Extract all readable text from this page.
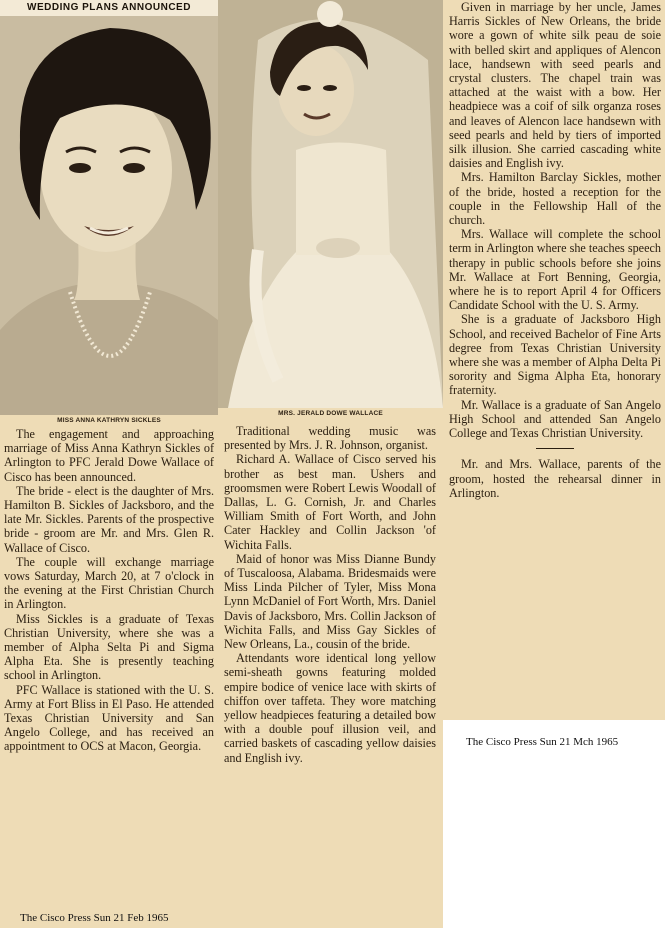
WEDDING PLANS ANNOUNCED
MISS ANNA KATHRYN SICKLES

The engagement and approaching marriage of Miss Anna Kathryn Sickles of Arlington to PFC Jerald Dowe Wallace of Cisco has been announced.

The bride - elect is the daughter of Mrs. Hamilton B. Sickles of Jacksboro, and the late Mr. Sickles. Parents of the prospective bride - groom are Mr. and Mrs. Glen R. Wallace of Cisco.

The couple will exchange marriage vows Saturday, March 20, at 7 o'clock in the evening at the First Christian Church in Arlington.

Miss Sickles is a graduate of Texas Christian University, where she was a member of Alpha Selta Pi and Sigma Alpha Eta. She is presently teaching school in Arlington.

PFC Wallace is stationed with the U. S. Army at Fort Bliss in El Paso. He attended Texas Christian University and San Angelo College, and has received an appointment to OCS at Macon, Georgia.

MRS. JERALD DOWE WALLACE

Traditional wedding music was presented by Mrs. J. R. Johnson, organist.

Richard A. Wallace of Cisco served his brother as best man. Ushers and groomsmen were Robert Lewis Woodall of Dallas, L. G. Cornish, Jr. and Charles William Smith of Fort Worth, and John Cater Hackley and Collin Jackson 'of Wichita Falls.

Maid of honor was Miss Dianne Bundy of Tuscaloosa, Alabama. Bridesmaids were Miss Linda Pilcher of Tyler, Miss Mona Lynn McDaniel of Fort Worth, Mrs. Daniel Davis of Jacksboro, Mrs. Collin Jackson of Wichita Falls, and Miss Gay Sickles of New Orleans, La., cousin of the bride.

Attendants wore identical long yellow semi-sheath gowns featuring molded empire bodice of venice lace with skirts of chiffon over taffeta. They wore matching yellow headpieces featuring a detailed bow with a double pouf illusion veil, and carried baskets of cascading yellow daisies and English ivy.

Given in marriage by her uncle, James Harris Sickles of New Orleans, the bride wore a gown of white silk peau de soie with belled skirt and appliques of Alencon lace, handsewn with seed pearls and crystal clusters. The chapel train was attached at the waist with a bow. Her headpiece was a coif of silk organza roses and leaves of Alencon lace handsewn with seed pearls and held by tiers of imported silk illusion. She carried cascading white daisies and English ivy.

Mrs. Hamilton Barclay Sickles, mother of the bride, hosted a reception for the couple in the Fellowship Hall of the church.

Mrs. Wallace will complete the school term in Arlington where she teaches speech therapy in public schools before she joins Mr. Wallace at Fort Benning, Georgia, where he is to report April 4 for Officers Candidate School with the U. S. Army.

She is a graduate of Jacksboro High School, and received Bachelor of Fine Arts degree from Texas Christian University where she was a member of Alpha Delta Pi sorority and Sigma Alpha Eta, honorary fraternity.

Mr. Wallace is a graduate of San Angelo High School and attended San Angelo College and Texas Christian University.

Mr. and Mrs. Wallace, parents of the groom, hosted the rehearsal dinner in Arlington.

The Cisco Press Sun 21 Feb 1965
The Cisco Press Sun 21 Mch 1965
